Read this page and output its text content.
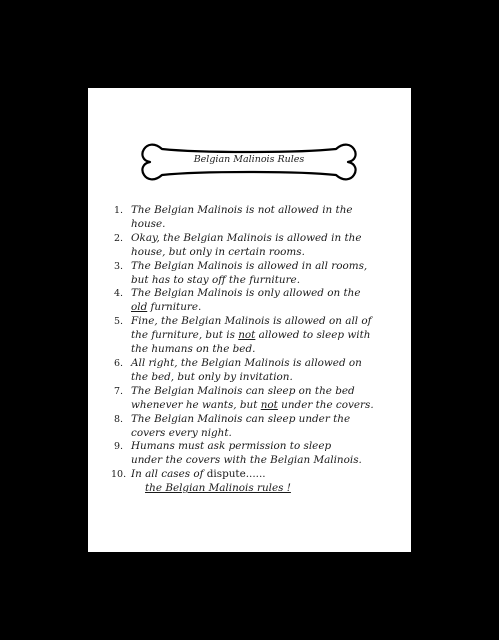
Belgian Malinois Rules
1. The Belgian Malinois is not allowed in the
house.
2. Okay, the Belgian Malinois is allowed in the
house, but only in certain rooms.
3. The Belgian Malinois is allowed in all rooms,
but has to stay off the furniture.
4. The Belgian Malinois is only allowed on the
old furniture.
5. Fine, the Belgian Malinois is allowed on all of
the furniture, but is not allowed to sleep with
the humans on the bed.
6. All right, the Belgian Malinois is allowed on
the bed, but only by invitation.
7. The Belgian Malinois can sleep on the bed
whenever he wants, but not under the covers.
8. The Belgian Malinois can sleep under the
covers every night.
9. Humans must ask permission to sleep
under the covers with the Belgian Malinois.
10. In all cases of dispute......
the Belgian Malinois rules !
